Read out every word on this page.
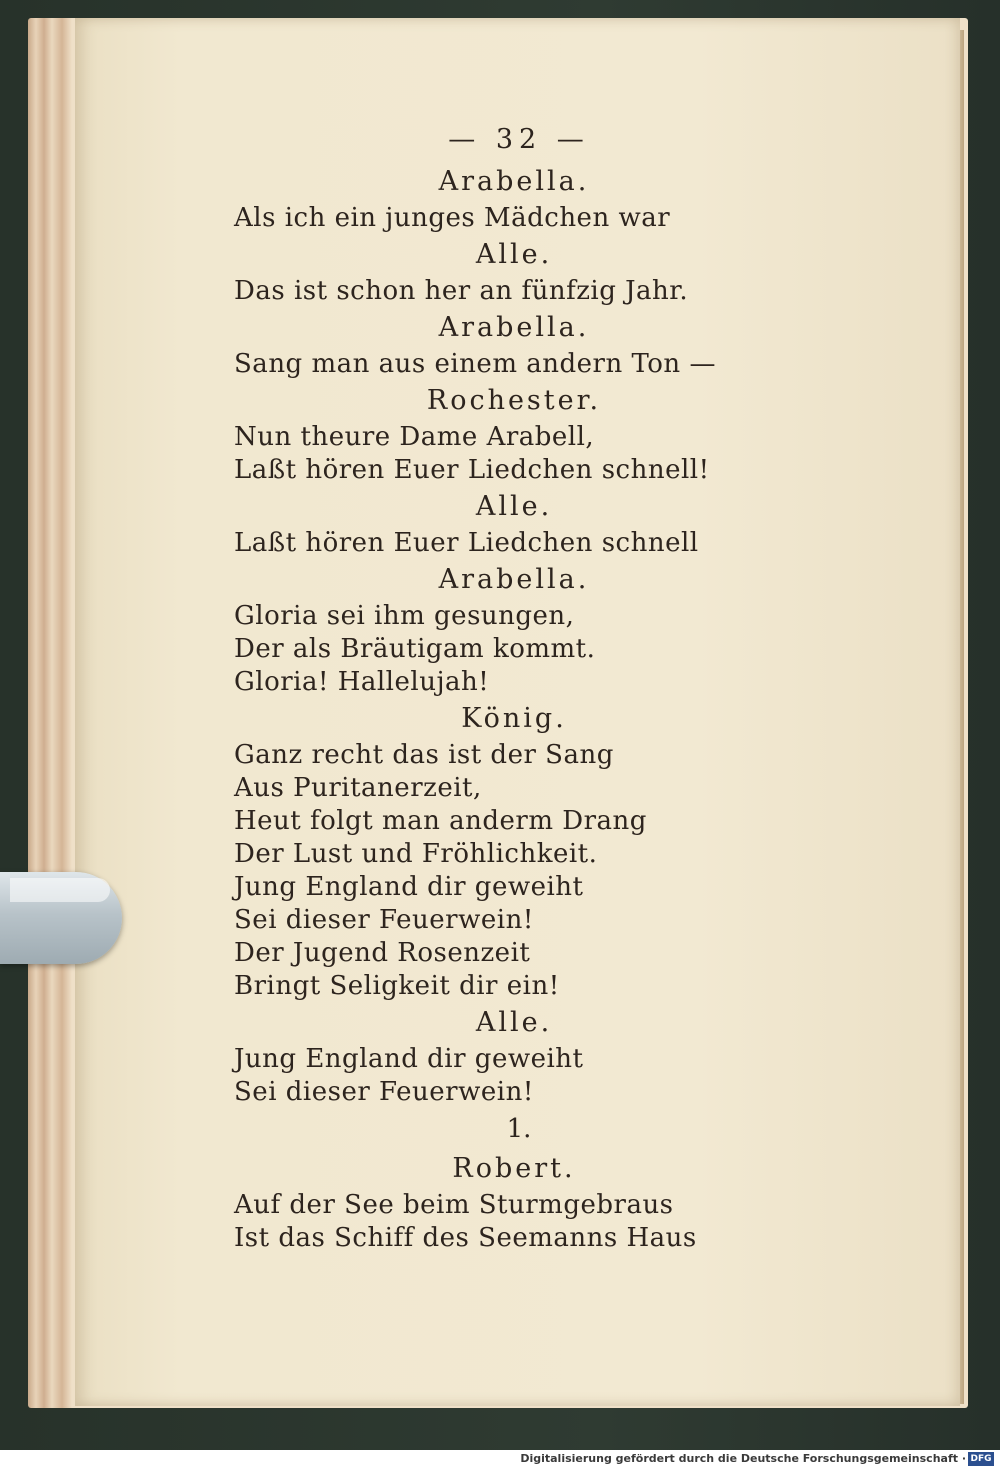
— 32 —
Arabella.
Als ich ein junges Mädchen war
Alle.
Das ist schon her an fünfzig Jahr.
Arabella.
Sang man aus einem andern Ton —
Rochester.
Nun theure Dame Arabell,
Laßt hören Euer Liedchen schnell!
Alle.
Laßt hören Euer Liedchen schnell
Arabella.
Gloria sei ihm gesungen,
Der als Bräutigam kommt.
Gloria! Hallelujah!
König.
Ganz recht das ist der Sang
Aus Puritanerzeit,
Heut folgt man anderm Drang
Der Lust und Fröhlichkeit.
Jung England dir geweiht
Sei dieser Feuerwein!
Der Jugend Rosenzeit
Bringt Seligkeit dir ein!
Alle.
Jung England dir geweiht
Sei dieser Feuerwein!
1.
Robert.
Auf der See beim Sturmgebraus
Ist das Schiff des Seemanns Haus
Digitalisierung gefördert durch die Deutsche Forschungsgemeinschaft · DFG
